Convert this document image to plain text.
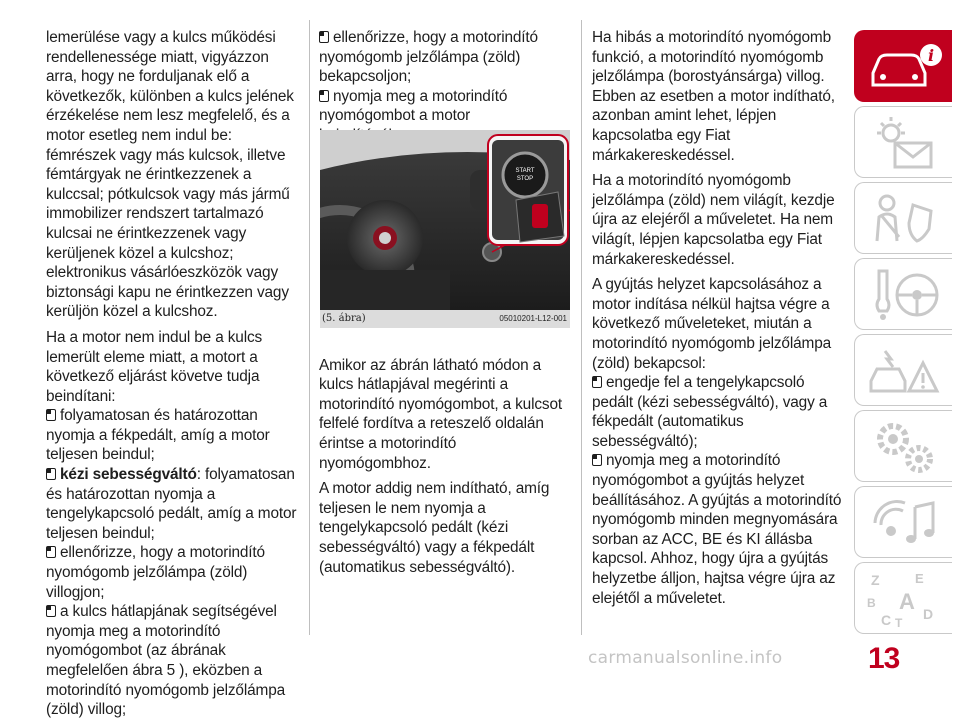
lemerülése vagy a kulcs működési rendellenessége miatt, vigyázzon arra, hogy ne forduljanak elő a következők, különben a kulcs jelének érzékelése nem lesz megfelelő, és a motor esetleg nem indul be: fémrészek vagy más kulcsok, illetve fémtárgyak ne érintkezzenek a kulccsal; pótkulcsok vagy más jármű immobilizer rendszert tartalmazó kulcsai ne érintkezzenek vagy kerüljenek közel a kulcshoz; elektronikus vásárlóeszközök vagy biztonsági kapu ne érintkezzen vagy kerüljön közel a kulcshoz.

Ha a motor nem indul be a kulcs lemerült eleme miatt, a motort a következő eljárást követve tudja beindítani:

folyamatosan és határozottan nyomja a fékpedált, amíg a motor teljesen beindul;
kézi sebességváltó: folyamatosan és határozottan nyomja a tengelykapcsoló pedált, amíg a motor teljesen beindul;
ellenőrizze, hogy a motorindító nyomógomb jelzőlámpa (zöld) villogjon;
a kulcs hátlapjának segítségével nyomja meg a motorindító nyomógombot (az ábrának megfelelően ábra 5 ), eközben a motorindító nyomógomb jelzőlámpa (zöld) villog;
ellenőrizze, hogy a motorindító nyomógomb jelzőlámpa (zöld) bekapcsoljon;
nyomja meg a motorindító nyomógombot a motor

Amikor az ábrán látható módon a kulcs hátlapjával megérinti a motorindító nyomógombot, a kulcsot felfelé fordítva a reteszelő oldalán érintse a motorindító nyomógombhoz.

A motor addig nem indítható, amíg teljesen le nem nyomja a tengelykapcsoló pedált (kézi sebességváltó) vagy a fékpedált (automatikus sebességváltó).

START
STOP
(5. ábra)	05010201-L12-001

Ha hibás a motorindító nyomógomb funkció, a motorindító nyomógomb jelzőlámpa (borostyánsárga) villog. Ebben az esetben a motor indítható, azonban amint lehet, lépjen kapcsolatba egy Fiat márkakereskedéssel.

Ha a motorindító nyomógomb jelzőlámpa (zöld) nem világít, kezdje újra az elejéről a műveletet. Ha nem világít, lépjen kapcsolatba egy Fiat márkakereskedéssel.

A gyújtás helyzet kapcsolásához a motor indítása nélkül hajtsa végre a következő műveleteket, miután a motorindító nyomógomb jelzőlámpa (zöld) bekapcsol:

engedje fel a tengelykapcsoló pedált (kézi sebességváltó), vagy a fékpedált (automatikus sebességváltó);
nyomja meg a motorindító nyomógombot a gyújtás helyzet beállításához. A gyújtás a motorindító nyomógomb minden megnyomására sorban az ACC, BE és KI állásba kapcsol. Ahhoz, hogy újra a gyújtás helyzetbe álljon, hajtsa végre újra az elejétől a műveletet.
i
Z	E
B A
C T
D
carmanualsonline.info	13
